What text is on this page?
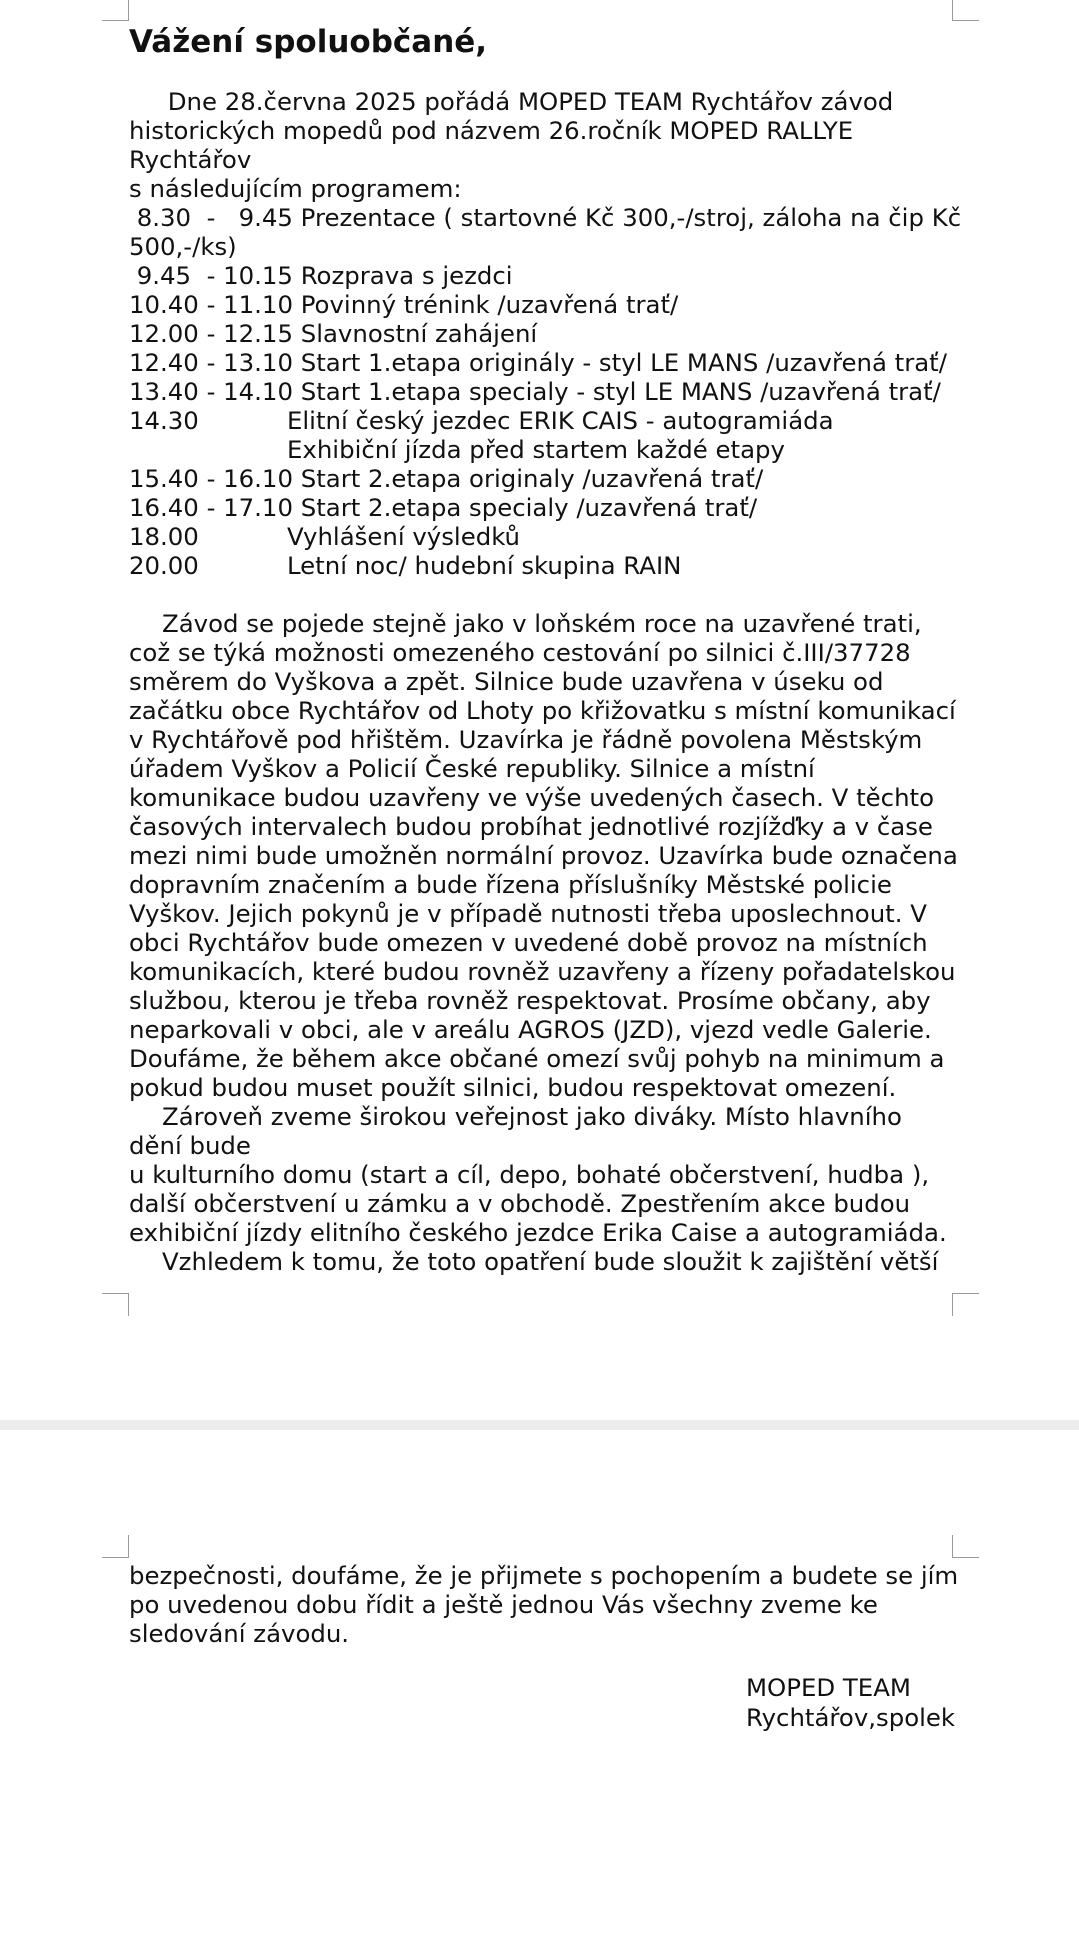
Vážení spoluobčané,
Dne 28.června 2025 pořádá MOPED TEAM Rychtářov závod
historických mopedů pod názvem 26.ročník MOPED RALLYE
Rychtářov
s následujícím programem:
8.30  -   9.45 Prezentace ( startovné Kč 300,-/stroj, záloha na čip Kč
500,-/ks)
9.45  - 10.15 Rozprava s jezdci
10.40 - 11.10 Povinný trénink /uzavřená trať/
12.00 - 12.15 Slavnostní zahájení
12.40 - 13.10 Start 1.etapa originály - styl LE MANS /uzavřená trať/
13.40 - 14.10 Start 1.etapa specialy - styl LE MANS /uzavřená trať/
14.30	Elitní český jezdec ERIK CAIS - autogramiáda
Exhibiční jízda před startem každé etapy
15.40 - 16.10 Start 2.etapa originaly /uzavřená trať/
16.40 - 17.10 Start 2.etapa specialy /uzavřená trať/
18.00	Vyhlášení výsledků
20.00	Letní noc/ hudební skupina RAIN
Závod se pojede stejně jako v loňském roce na uzavřené trati, což se týká možnosti omezeného cestování po silnici č.III/37728 směrem do Vyškova a zpět. Silnice bude uzavřena v úseku od začátku obce Rychtářov od Lhoty po křižovatku s místní komunikací v Rychtářově pod hřištěm. Uzavírka je řádně povolena Městským úřadem Vyškov a Policií České republiky. Silnice a místní komunikace budou uzavřeny ve výše uvedených časech. V těchto časových intervalech budou probíhat jednotlivé rozjížďky a v čase mezi nimi bude umožněn normální provoz. Uzavírka bude označena dopravním značením a bude řízena příslušníky Městské policie Vyškov. Jejich pokynů je v případě nutnosti třeba uposlechnout. V obci Rychtářov bude omezen v uvedené době provoz na místních komunikacích, které budou rovněž uzavřeny a řízeny pořadatelskou službou, kterou je třeba rovněž respektovat. Prosíme občany, aby neparkovali v obci, ale v areálu AGROS (JZD), vjezd vedle Galerie. Doufáme, že během akce občané omezí svůj pohyb na minimum a pokud budou muset použít silnici, budou respektovat omezení.
Zároveň zveme širokou veřejnost jako diváky. Místo hlavního dění bude
u kulturního domu (start a cíl, depo, bohaté občerstvení, hudba ), další občerstvení u zámku a v obchodě. Zpestřením akce budou exhibiční jízdy elitního českého jezdce Erika Caise a autogramiáda.
Vzhledem k tomu, že toto opatření bude sloužit k zajištění větší
bezpečnosti, doufáme, že je přijmete s pochopením a budete se jím po uvedenou dobu řídit a ještě jednou Vás všechny zveme ke sledování závodu.
MOPED TEAM
Rychtářov,spolek
